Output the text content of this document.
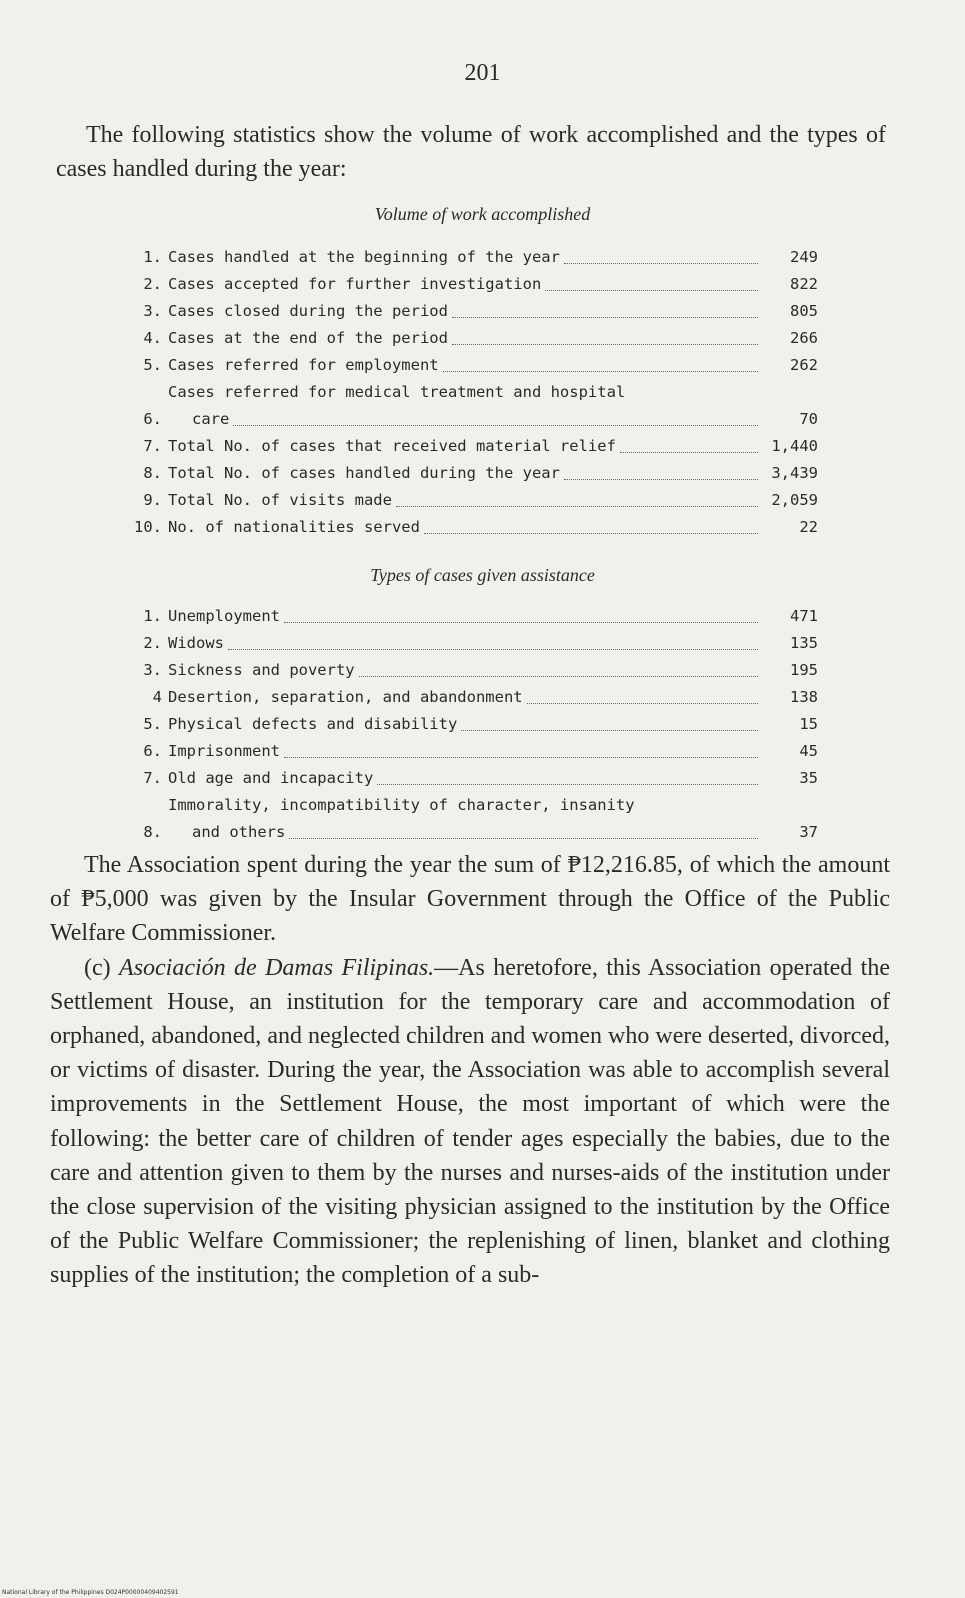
201
The following statistics show the volume of work accomplished and the types of cases handled during the year:
Volume of work accomplished
1. Cases handled at the beginning of the year	249
2. Cases accepted for further investigation	822
3. Cases closed during the period	805
4. Cases at the end of the period	266
5. Cases referred for employment	262
6.
Cases referred for medical treatment and hospital
care	70
7. Total No. of cases that received material relief	1,440
8. Total No. of cases handled during the year	3,439
9. Total No. of visits made	2,059
10. No. of nationalities served	22
Types of cases given assistance
1. Unemployment	471
2. Widows	135
3. Sickness and poverty	195
4 Desertion, separation, and abandonment	138
5. Physical defects and disability	15
6. Imprisonment	45
7. Old age and incapacity	35
8.
Immorality, incompatibility of character, insanity
and others	37

The Association spent during the year the sum of ₱12,216.85, of which the amount of ₱5,000 was given by the Insular Government through the Office of the Public Welfare Commissioner.

(c) Asociación de Damas Filipinas.—As heretofore, this Association operated the Settlement House, an institution for the temporary care and accommodation of orphaned, abandoned, and neglected children and women who were deserted, divorced, or victims of disaster. During the year, the Association was able to accomplish several improvements in the Settlement House, the most important of which were the following: the better care of children of tender ages especially the babies, due to the care and attention given to them by the nurses and nurses-aids of the institution under the close supervision of the visiting physician assigned to the institution by the Office of the Public Welfare Commissioner; the replenishing of linen, blanket and clothing supplies of the institution; the completion of a sub-

National Library of the Philippines D024P00000409402591
